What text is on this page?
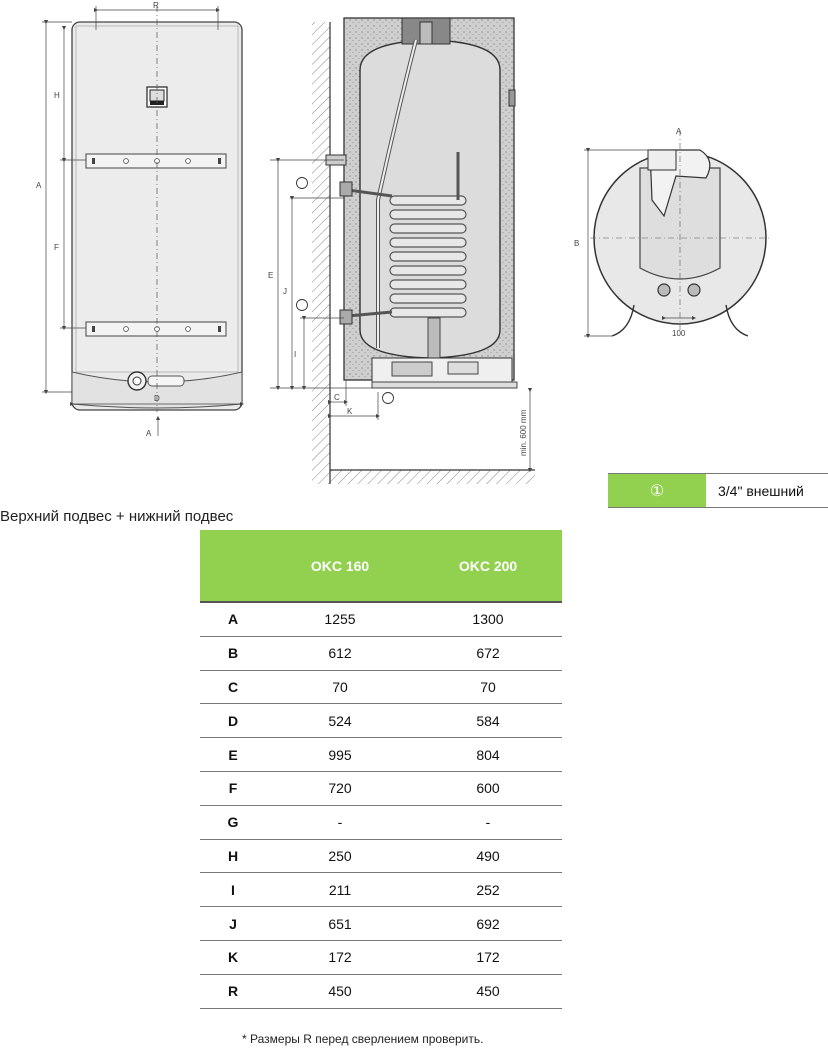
R
H
A
F
D
A
E
J
I
C
K	min. 600 mm
B
A
100
①	3/4" внешний
Верхний подвес + нижний подвес
	OKC 160	OKC 200
A	1255	1300
B	612	672
C	70	70
D	524	584
E	995	804
F	720	600
G	-	-
H	250	490
I	211	252
J	651	692
K	172	172
R	450	450
* Размеры R перед сверлением проверить.
